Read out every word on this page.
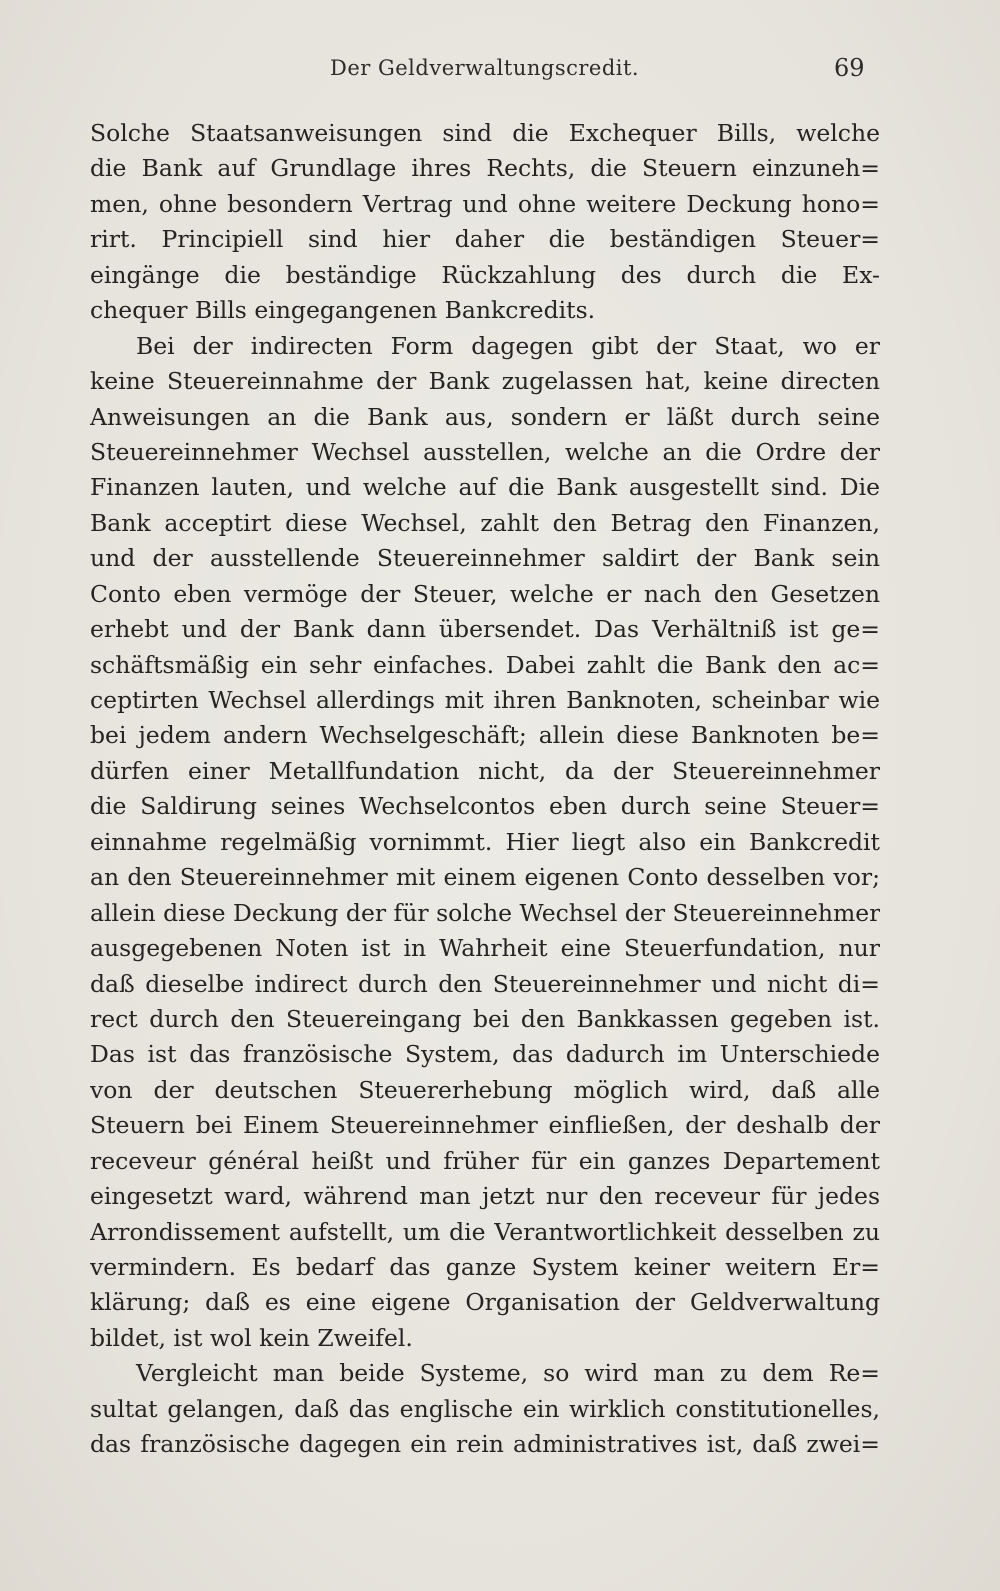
Der Geldverwaltungscredit.	69
Solche Staatsanweisungen sind die Exchequer Bills, welche
die Bank auf Grundlage ihres Rechts, die Steuern einzuneh=
men, ohne besondern Vertrag und ohne weitere Deckung hono=
rirt. Principiell sind hier daher die beständigen Steuer=
eingänge die beständige Rückzahlung des durch die Ex-
chequer Bills eingegangenen Bankcredits.
Bei der indirecten Form dagegen gibt der Staat, wo er
keine Steuereinnahme der Bank zugelassen hat, keine directen
Anweisungen an die Bank aus, sondern er läßt durch seine
Steuereinnehmer Wechsel ausstellen, welche an die Ordre der
Finanzen lauten, und welche auf die Bank ausgestellt sind. Die
Bank acceptirt diese Wechsel, zahlt den Betrag den Finanzen,
und der ausstellende Steuereinnehmer saldirt der Bank sein
Conto eben vermöge der Steuer, welche er nach den Gesetzen
erhebt und der Bank dann übersendet. Das Verhältniß ist ge=
schäftsmäßig ein sehr einfaches. Dabei zahlt die Bank den ac=
ceptirten Wechsel allerdings mit ihren Banknoten, scheinbar wie
bei jedem andern Wechselgeschäft; allein diese Banknoten be=
dürfen einer Metallfundation nicht, da der Steuereinnehmer
die Saldirung seines Wechselcontos eben durch seine Steuer=
einnahme regelmäßig vornimmt. Hier liegt also ein Bankcredit
an den Steuereinnehmer mit einem eigenen Conto desselben vor;
allein diese Deckung der für solche Wechsel der Steuereinnehmer
ausgegebenen Noten ist in Wahrheit eine Steuerfundation, nur
daß dieselbe indirect durch den Steuereinnehmer und nicht di=
rect durch den Steuereingang bei den Bankkassen gegeben ist.
Das ist das französische System, das dadurch im Unterschiede
von der deutschen Steuererhebung möglich wird, daß alle
Steuern bei Einem Steuereinnehmer einfließen, der deshalb der
receveur général heißt und früher für ein ganzes Departement
eingesetzt ward, während man jetzt nur den receveur für jedes
Arrondissement aufstellt, um die Verantwortlichkeit desselben zu
vermindern. Es bedarf das ganze System keiner weitern Er=
klärung; daß es eine eigene Organisation der Geldverwaltung
bildet, ist wol kein Zweifel.
Vergleicht man beide Systeme, so wird man zu dem Re=
sultat gelangen, daß das englische ein wirklich constitutionelles,
das französische dagegen ein rein administratives ist, daß zwei=
